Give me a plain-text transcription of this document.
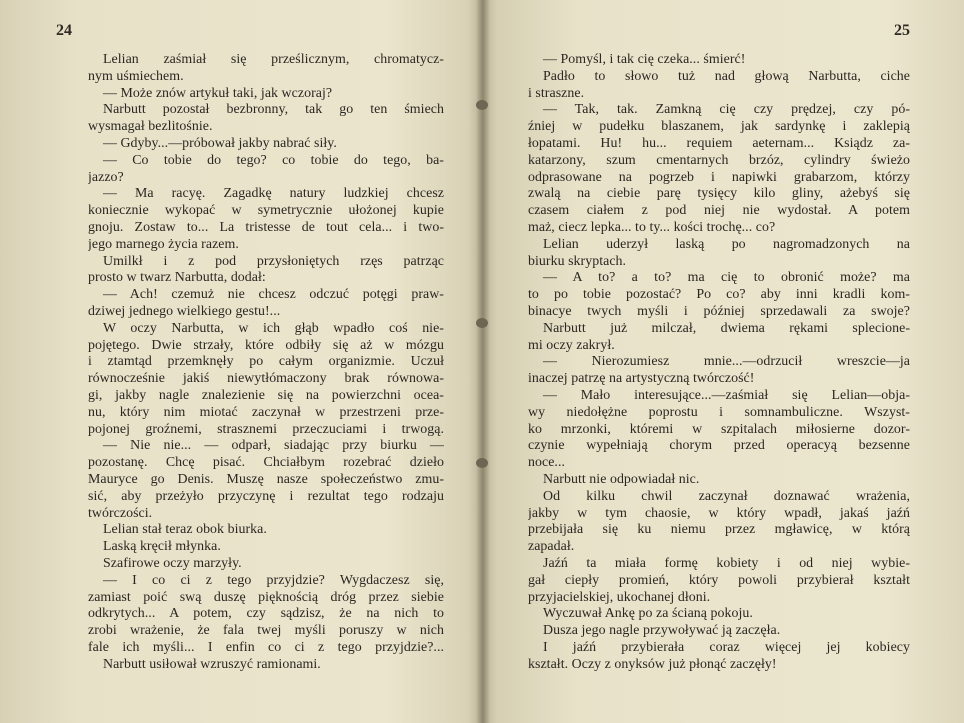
24
Lelian zaśmiał się prześlicznym, chromatycz-
nym uśmiechem.
— Może znów artykuł taki, jak wczoraj?
Narbutt pozostał bezbronny, tak go ten śmiech
wysmagał bezlitośnie.
— Gdyby...—próbował jakby nabrać siły.
— Co tobie do tego? co tobie do tego, ba-
jazzo?
— Ma racyę. Zagadkę natury ludzkiej chcesz
koniecznie wykopać w symetrycznie ułożonej kupie
gnoju. Zostaw to... La tristesse de tout cela... i two-
jego marnego życia razem.
Umilkł i z pod przysłoniętych rzęs patrząc
prosto w twarz Narbutta, dodał:
— Ach! czemuż nie chcesz odczuć potęgi praw-
dziwej jednego wielkiego gestu!...
W oczy Narbutta, w ich głąb wpadło coś nie-
pojętego. Dwie strzały, które odbiły się aż w mózgu
i ztamtąd przemknęły po całym organizmie. Uczuł
równocześnie jakiś niewytłómaczony brak równowa-
gi, jakby nagle znalezienie się na powierzchni ocea-
nu, który nim miotać zaczynał w przestrzeni prze-
pojonej groźnemi, strasznemi przeczuciami i trwogą.
— Nie nie... — odparł, siadając przy biurku —
pozostanę. Chcę pisać. Chciałbym rozebrać dzieło
Mauryce go Denis. Muszę nasze społeczeństwo zmu-
sić, aby przeżyło przyczynę i rezultat tego rodzaju
twórczości.
Lelian stał teraz obok biurka.
Laską kręcił młynka.
Szafirowe oczy marzyły.
— I co ci z tego przyjdzie? Wygdaczesz się,
zamiast poić swą duszę pięknością dróg przez siebie
odkrytych... A potem, czy sądzisz, że na nich to
zrobi wrażenie, że fala twej myśli poruszy w nich
fale ich myśli... I enfin co ci z tego przyjdzie?...
Narbutt usiłował wzruszyć ramionami.
25
— Pomyśl, i tak cię czeka... śmierć!
Padło to słowo tuż nad głową Narbutta, ciche
i straszne.
— Tak, tak. Zamkną cię czy prędzej, czy pó-
źniej w pudełku blaszanem, jak sardynkę i zaklepią
łopatami. Hu! hu... requiem aeternam... Ksiądz za-
katarzony, szum cmentarnych brzóz, cylindry świeżo
odprasowane na pogrzeb i napiwki grabarzom, którzy
zwalą na ciebie parę tysięcy kilo gliny, ażebyś się
czasem ciałem z pod niej nie wydostał. A potem
maż, ciecz lepka... to ty... kości trochę... co?
Lelian uderzył laską po nagromadzonych na
biurku skryptach.
— A to? a to? ma cię to obronić może? ma
to po tobie pozostać? Po co? aby inni kradli kom-
binacye twych myśli i później sprzedawali za swoje?
Narbutt już milczał, dwiema rękami splecione-
mi oczy zakrył.
— Nierozumiesz mnie...—odrzucił wreszcie—ja
inaczej patrzę na artystyczną twórczość!
— Mało interesujące...—zaśmiał się Lelian—obja-
wy niedołężne poprostu i somnambuliczne. Wszyst-
ko mrzonki, któremi w szpitalach miłosierne dozor-
czynie wypełniają chorym przed operacyą bezsenne
noce...
Narbutt nie odpowiadał nic.
Od kilku chwil zaczynał doznawać wrażenia,
jakby w tym chaosie, w który wpadł, jakaś jaźń
przebijała się ku niemu przez mgławicę, w którą
zapadał.
Jaźń ta miała formę kobiety i od niej wybie-
gał ciepły promień, który powoli przybierał kształt
przyjacielskiej, ukochanej dłoni.
Wyczuwał Ankę po za ścianą pokoju.
Dusza jego nagle przywoływać ją zaczęła.
I jaźń przybierała coraz więcej jej kobiecy
kształt. Oczy z onyksów już płonąć zaczęły!
